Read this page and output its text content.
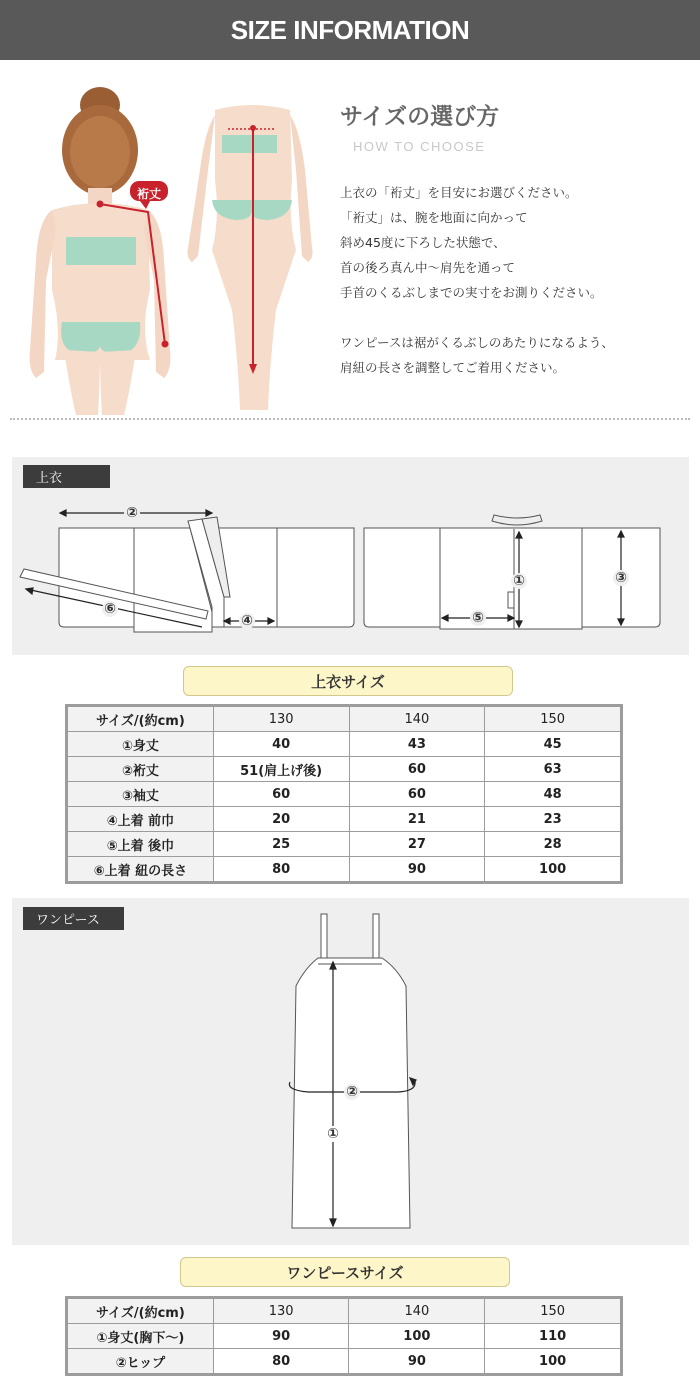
SIZE INFORMATION
裄丈
サイズの選び方
HOW TO CHOOSE

上衣の「裄丈」を目安にお選びください。

「裄丈」は、腕を地面に向かって

斜め45度に下ろした状態で、

首の後ろ真ん中〜肩先を通って

手首のくるぶしまでの実寸をお測りください。

ワンピースは裾がくるぶしのあたりになるよう、

肩紐の長さを調整してご着用ください。

上衣
②
⑥
④	⑤
①	③
上衣サイズ
サイズ/(約cm)	130	140	150
①身丈	40	43	45
②裄丈	51(肩上げ後)	60	63
③袖丈	60	60	48
④上着 前巾	20	21	23
⑤上着 後巾	25	27	28
⑥上着 紐の長さ	80	90	100
ワンピース
②
①
ワンピースサイズ
サイズ/(約cm)	130	140	150
①身丈(胸下〜)	90	100	110
②ヒップ	80	90	100
